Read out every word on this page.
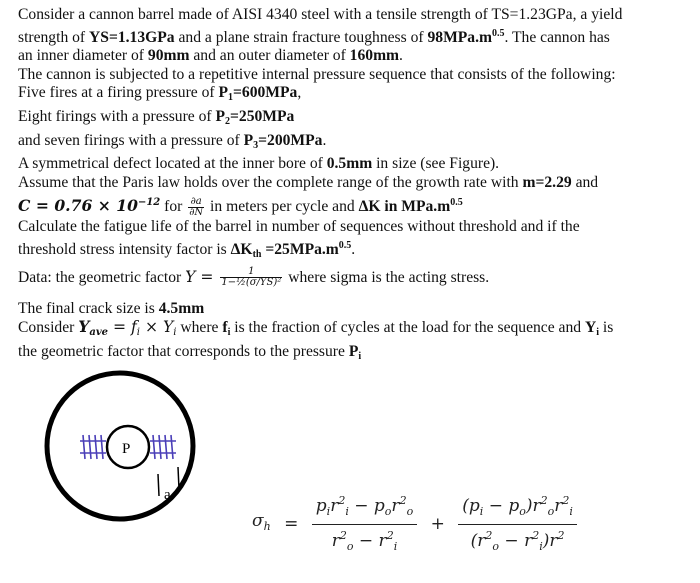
Consider a cannon barrel made of AISI 4340 steel with a tensile strength of TS=1.23GPa, a yield

strength of YS=1.13GPa and a plane strain fracture toughness of $98MPa.m^{0.5}$. The cannon has

an inner diameter of 90mm and an outer diameter of 160mm.

The cannon is subjected to a repetitive internal pressure sequence that consists of the following:

Five fires at a firing pressure of $P_1=600MPa$,

Eight firings with a pressure of $P_2=250MPa$

and seven firings with a pressure of $P_3=200MPa$.

A symmetrical defect located at the inner bore of 0.5mm in size (see Figure).

Assume that the Paris law holds over the complete range of the growth rate with m=2.29 and

$C = 0.76 \times 10^{-12}$ for $\frac{\partial a}{\partial N}$ in meters per cycle and ΔK in $MPa.m^{0.5}$

Calculate the fatigue life of the barrel in number of sequences without threshold and if the

threshold stress intensity factor is $\Delta K_{th} =25MPa.m^{0.5}$.

Data: the geometric factor $Y = \frac{1}{\text{1−½(σ/YS)²}}$ where sigma is the acting stress.

The final crack size is 4.5mm

Consider $Y_{ave} = f_i \times Y_i$ where $f_i$ is the fraction of cycles at the load for the sequence and $Y_i$ is

the geometric factor that corresponds to the pressure $P_i$

P
a
$\sigma_h$ =
$p_ir^2_i - p_or^2_o$
$r^2_o - r^2_i$
+ $\frac{(p_i - p_o)r^2_or^2_i}{(r^2_o - r^2_i)r^2}$
